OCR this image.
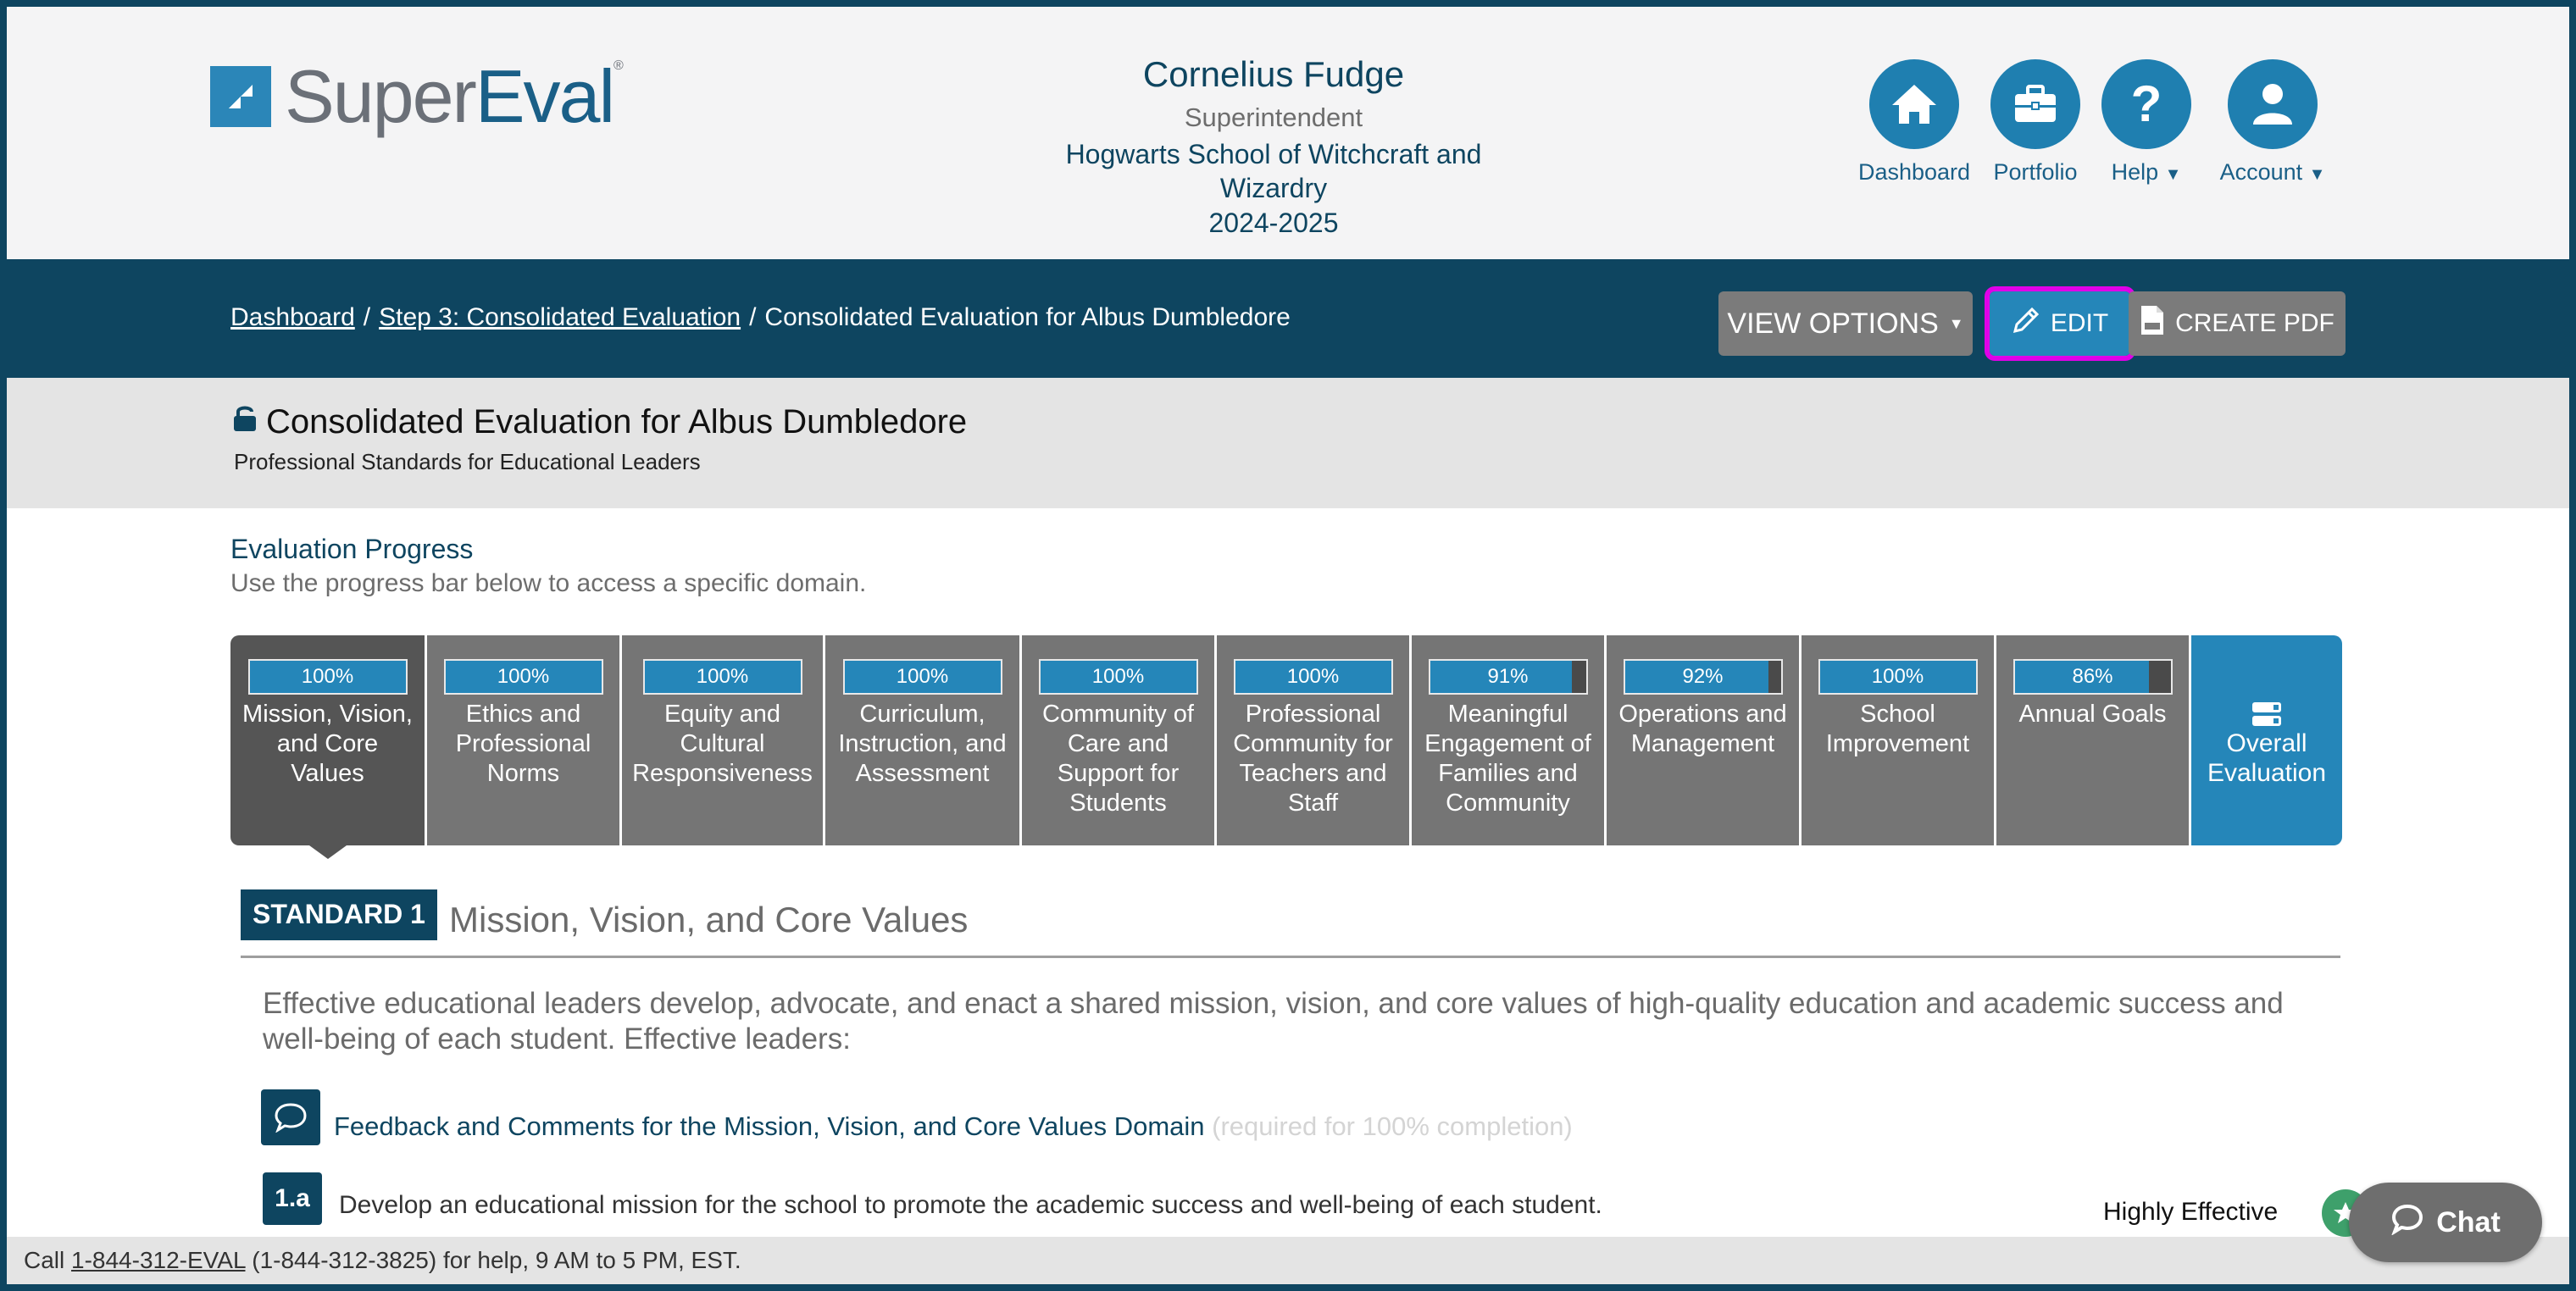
SuperEval®	Cornelius Fudge
Superintendent
Hogwarts School of Witchcraft and Wizardry
2024-2025
Dashboard	Portfolio
?
Help ▼	Account ▼
Dashboard / Step 3: Consolidated Evaluation / Consolidated Evaluation for Albus Dumbledore	VIEW OPTIONS ▼	EDIT	CREATE PDF
Consolidated Evaluation for Albus Dumbledore
Professional Standards for Educational Leaders
Evaluation Progress
Use the progress bar below to access a specific domain.
100%
Mission, Vision, and Core Values
100%
Ethics and Professional Norms
100%
Equity and Cultural Responsiveness
100%
Curriculum, Instruction, and Assessment
100%
Community of Care and Support for Students
100%
Professional Community for Teachers and Staff
91%
Meaningful Engagement of Families and Community
92%
Operations and Management
100%
School Improvement
86%
Annual Goals
Overall Evaluation
STANDARD 1 Mission, Vision, and Core Values
Effective educational leaders develop, advocate, and enact a shared mission, vision, and core values of high-quality education and academic success and well-being of each student. Effective leaders:
Feedback and Comments for the Mission, Vision, and Core Values Domain (required for 100% completion)
1.a	Develop an educational mission for the school to promote the academic success and well-being of each student.	Highly Effective
Call 1-844-312-EVAL (1-844-312-3825) for help, 9 AM to 5 PM, EST.
Chat
